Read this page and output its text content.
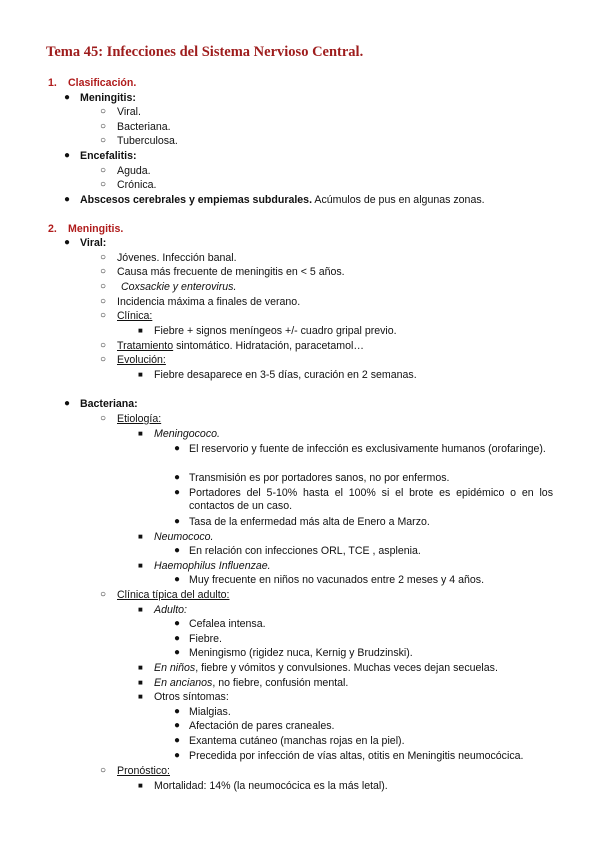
Tema 45: Infecciones del Sistema Nervioso Central.
1. Clasificación.
● Meningitis:
○ Viral.
○ Bacteriana.
○ Tuberculosa.
● Encefalitis:
○ Aguda.
○ Crónica.
● Abscesos cerebrales y empiemas subdurales. Acúmulos de pus en algunas zonas.
2. Meningitis.
● Viral:
○ Jóvenes. Infección banal.
○ Causa más frecuente de meningitis en < 5 años.
○ Coxsackie y enterovirus.
○ Incidencia máxima a finales de verano.
○ Clínica:
■ Fiebre + signos meníngeos +/- cuadro gripal previo.
○ Tratamiento sintomático. Hidratación, paracetamol…
○ Evolución:
■ Fiebre desaparece en 3-5 días, curación en 2 semanas.
● Bacteriana:
○ Etiología:
■ Meningococo.
● El reservorio y fuente de infección es exclusivamente humanos (orofaringe).
● Transmisión es por portadores sanos, no por enfermos.
● Portadores del 5-10% hasta el 100% si el brote es epidémico o en los contactos de un caso.
● Tasa de la enfermedad más alta de Enero a Marzo.
■ Neumococo.
● En relación con infecciones ORL, TCE , asplenia.
■ Haemophilus Influenzae.
● Muy frecuente en niños no vacunados entre 2 meses y 4 años.
○ Clínica típica del adulto:
■ Adulto:
● Cefalea intensa.
● Fiebre.
● Meningismo (rigidez nuca, Kernig y Brudzinski).
■ En niños, fiebre y vómitos y convulsiones. Muchas veces dejan secuelas.
■ En ancianos, no fiebre, confusión mental.
■ Otros síntomas:
● Mialgias.
● Afectación de pares craneales.
● Exantema cutáneo (manchas rojas en la piel).
● Precedida por infección de vías altas, otitis en Meningitis neumocócica.
○ Pronóstico:
■ Mortalidad: 14% (la neumocócica es la más letal).
